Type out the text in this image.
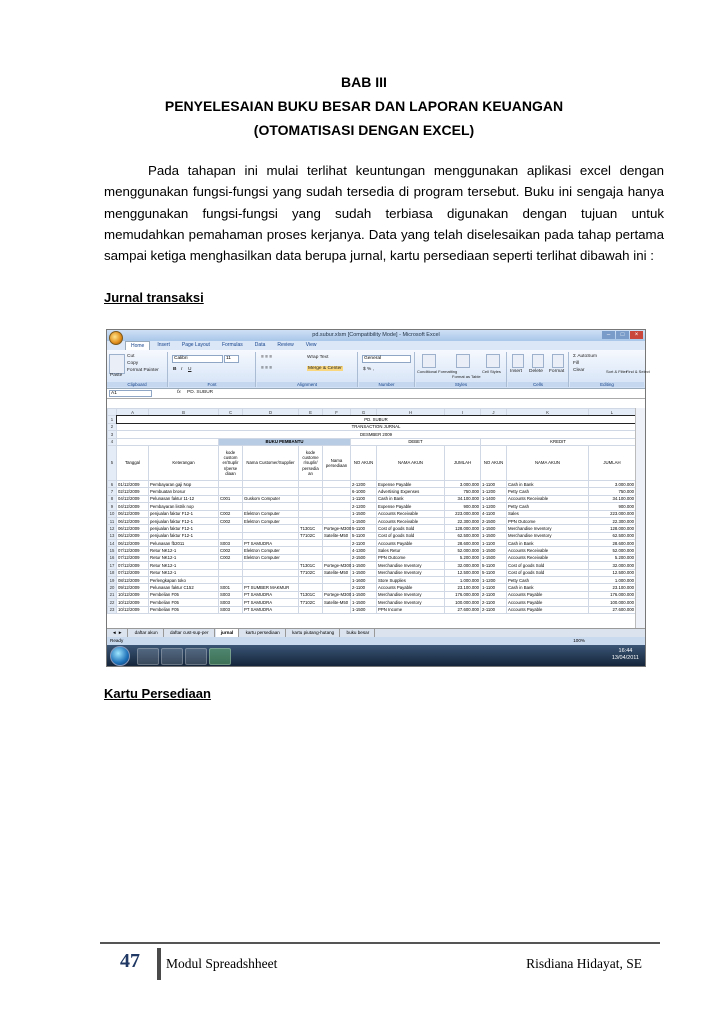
BAB III
PENYELESAIAN BUKU BESAR DAN LAPORAN KEUANGAN
(OTOMATISASI DENGAN EXCEL)
Pada tahapan ini mulai terlihat keuntungan menggunakan aplikasi excel dengan menggunakan fungsi-fungsi yang sudah tersedia di program tersebut. Buku ini sengaja hanya menggunakan fungsi-fungsi yang sudah terbiasa digunakan dengan tujuan untuk memudahkan pemahaman proses kerjanya. Data yang telah diselesaikan pada tahap pertama sampai ketiga menghasilkan data berupa jurnal, kartu persediaan seperti terlihat dibawah ini :
Jurnal transaksi
pd.subur.xlsm [Compatibility Mode] - Microsoft Excel	–	□	×
Home	Insert	Page Layout	Formulas	Data	Review	View
Paste
Cut
Copy
Format Painter
Clipboard
Calibri	11
B I U
Font
Wrap Text
Merge & Center
≡ ≡ ≡
≡ ≡ ≡
Alignment
General
$ % ,
Number
Conditional Formatting
Format as Table
Cell Styles
Styles
Insert Delete Format
Cells
Σ AutoSum
Fill
Clear	Sort & Filter
Find & Select
Editing
A1	fx PD. SUBUR
	A	B	C	D	E	F	G	H	I	J	K	L
1	PD. SUBUR											
2	TRANSACTION JURNAL											
3	DESMBER 2009											
4			BUKU PEMBANTU				DEBET			KREDIT		
5	Tanggal	Keterangan	kode custom er/Suplir r/perse diaan	Nama Customer/Supplier	kode custome r/suplir/ persedia an	Nama persediaan	NO AKUN	NAMA AKUN	JUMLAH	NO AKUN	NAMA AKUN	JUMLAH
6	01/12/2009	Pembayaran gaji Nop					2-1200	Expense Payable	3.000.000	1-1100	Cash in Bank	3.000.000
7	02/12/2009	Pembuatan brosur					6-1000	Advertising Expenses	750.000	1-1200	Petty Cash	750.000
8	04/12/2009	Pelunasan faktur 11-12	C001	Guskom Computer			1-1100	Cash in Bank	34.100.000	1-1400	Accounts Receivable	34.100.000
9	04/12/2009	Pembayaran listrik nop					2-1200	Expense Payable	900.000	1-1200	Petty Cash	900.000
10	06/12/2009	penjualan faktur F12-1	C002	Elektron Computer			1-1500	Accounts Receivable	223.000.000	4-1100	Sales	223.000.000
11	06/12/2009	penjualan faktur F12-1	C002	Elektron Computer			1-1500	Accounts Receivable	22.300.000	2-1500	PPN Outcome	22.300.000
12	06/12/2009	penjualan faktur F12-1			T1301C	Portege-M300	5-1100	Cost of goods Sold	128.000.000	1-1500	Merchandise Inventory	128.000.000
13	06/12/2009	penjualan faktur F12-1			T7102C	Satelite-M50	5-1100	Cost of goods Sold	62.500.000	1-1500	Merchandise Inventory	62.500.000
14	06/12/2009	Pelunasan fb2011	S003	PT SAMUDRA			2-1100	Accounts Payable	28.600.000	1-1100	Cash in Bank	28.600.000
15	07/12/2009	Retur NK12-1	C002	Elektron Computer			4-1300	Sales Retur	52.000.000	1-1500	Accounts Receivable	52.000.000
16	07/12/2009	Retur NK12-1	C002	Elektron Computer			2-1500	PPN Outcome	5.200.000	1-1500	Accounts Receivable	5.200.000
17	07/12/2009	Retur NK12-1			T1301C	Portege-M300	1-1500	Merchandise Inventory	32.000.000	5-1100	Cost of goods Sold	32.000.000
18	07/12/2009	Retur NK12-1			T7102C	Satelite-M50	1-1500	Merchandise Inventory	12.500.000	5-1100	Cost of goods Sold	12.500.000
19	08/12/2009	Perlengkapan toko					1-1600	Store Supplies	1.000.000	1-1200	Petty Cash	1.000.000
20	09/12/2009	Pelunasan faktur C152	S001	PT SUMBER MAKMUR			2-1100	Accounts Payable	23.100.000	1-1100	Cash in Bank	23.100.000
21	10/12/2009	Pembelian F05	S003	PT SAMUDRA	T1301C	Portege-M300	1-1500	Merchandise Inventory	176.000.000	2-1100	Accounts Payable	176.000.000
22	10/12/2009	Pembelian F05	S003	PT SAMUDRA	T7102C	Satelite-M50	1-1500	Merchandise Inventory	100.000.000	2-1100	Accounts Payable	100.000.000
23	10/12/2009	Pembelian F05	S003	PT SAMUDRA			1-1500	PPN Income	27.600.000	2-1100	Accounts Payable	27.600.000
◄ ►	daftar akun	daftar cust-sup-per	jurnal	kartu persediaan	kartu piutang-hutang	buku besar
Ready	100%
16:44
13/04/2011
Kartu Persediaan
47 Modul Spreadshheet	Risdiana Hidayat, SE
